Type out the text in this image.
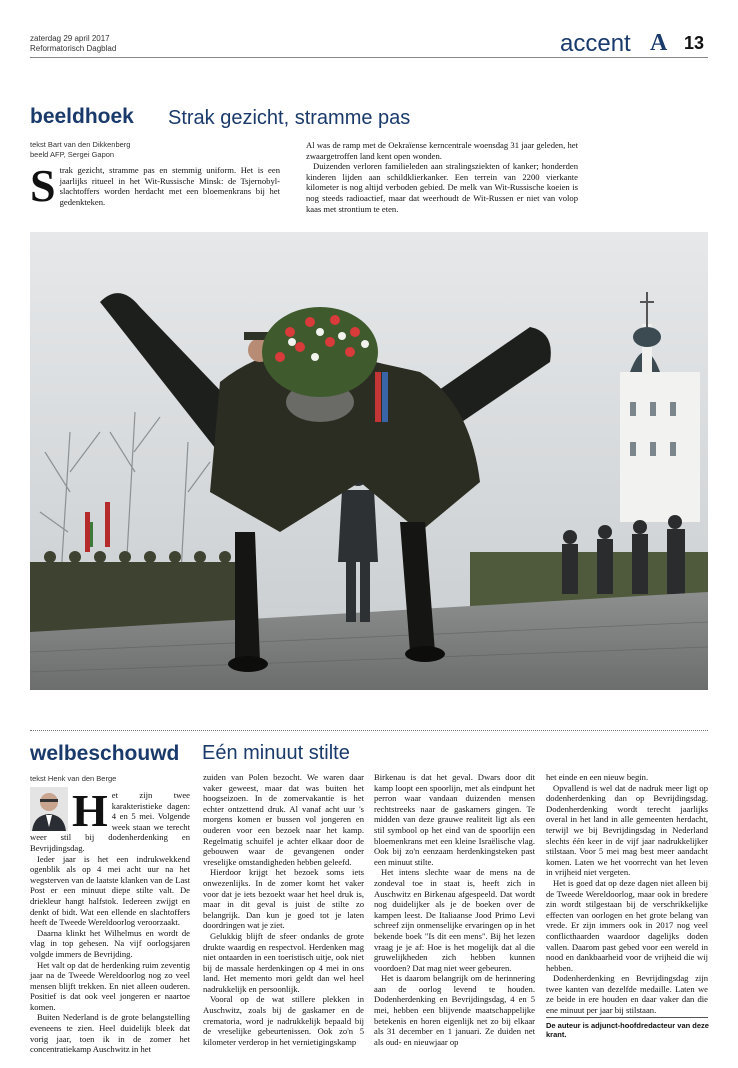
zaterdag 29 april 2017
Reformatorisch Dagblad	accent A 13
beeldhoek Strak gezicht, stramme pas
tekst Bart van den Dikkenberg
beeld AFP, Sergei Gapon
S trak gezicht, stramme pas en stemmig uniform. Het is een jaarlijks ritueel in het Wit-Russische Minsk: de Tsjernobyl-slachtoffers worden herdacht met een bloemenkrans bij het gedenkteken.

Al was de ramp met de Oekraïense kerncentrale woensdag 31 jaar geleden, het zwaargetroffen land kent open wonden.

Duizenden verloren familieleden aan stralingsziekten of kanker; honderden kinderen lijden aan schildklierkanker. Een terrein van 2200 vierkante kilometer is nog altijd verboden gebied. De melk van Wit-Russische koeien is nog steeds radioactief, maar dat weerhoudt de Wit-Russen er niet van volop kaas met strontium te eten.

welbeschouwd Eén minuut stilte
tekst Henk van den Berge
H et zijn twee karakteristieke dagen: 4 en 5 mei. Volgende week staan we terecht weer stil bij dodenherdenking en Bevrijdingsdag.

Ieder jaar is het een indrukwekkend ogenblik als op 4 mei acht uur na het wegsterven van de laatste klanken van de Last Post er een minuut diepe stilte valt. De driekleur hangt halfstok. Iedereen zwijgt en denkt of bidt. Wat een ellende en slachtoffers heeft de Tweede Wereldoorlog veroorzaakt.

Daarna klinkt het Wilhelmus en wordt de vlag in top gehesen. Na vijf oorlogsjaren volgde immers de Bevrijding.

Het valt op dat de herdenking ruim zeventig jaar na de Tweede Wereldoorlog nog zo veel mensen blijft trekken. En niet alleen ouderen. Positief is dat ook veel jongeren er naartoe komen.

Buiten Nederland is de grote belangstelling eveneens te zien. Heel duidelijk bleek dat vorig jaar, toen ik in de zomer het concentratiekamp Auschwitz in het

zuiden van Polen bezocht. We waren daar vaker geweest, maar dat was buiten het hoogseizoen. In de zomervakantie is het echter ontzettend druk. Al vanaf acht uur 's morgens komen er bussen vol jongeren en ouderen voor een bezoek naar het kamp. Regelmatig schuifel je achter elkaar door de gebouwen waar de gevangenen onder vreselijke omstandigheden hebben geleefd.

Hierdoor krijgt het bezoek soms iets onwezenlijks. In de zomer komt het vaker voor dat je iets bezoekt waar het heel druk is, maar in dit geval is juist de stilte zo belangrijk. Dan kun je goed tot je laten doordringen wat je ziet.

Gelukkig blijft de sfeer ondanks de grote drukte waardig en respectvol. Herdenken mag niet ontaarden in een toeristisch uitje, ook niet bij de massale herdenkingen op 4 mei in ons land. Het memento mori geldt dan wel heel nadrukkelijk en persoonlijk.

Vooral op de wat stillere plekken in Auschwitz, zoals bij de gaskamer en de crematoria, word je nadrukkelijk bepaald bij de vreselijke gebeurtenissen. Ook zo'n 5 kilometer verderop in het vernietigingskamp

Birkenau is dat het geval. Dwars door dit kamp loopt een spoorlijn, met als eindpunt het perron waar vandaan duizenden mensen rechtstreeks naar de gaskamers gingen. Te midden van deze grauwe realiteit ligt als een stil symbool op het eind van de spoorlijn een bloemenkrans met een kleine Israëlische vlag. Ook bij zo'n eenzaam herdenkingsteken past een minuut stilte.

Het intens slechte waar de mens na de zondeval toe in staat is, heeft zich in Auschwitz en Birkenau afgespeeld. Dat wordt nog duidelijker als je de boeken over de kampen leest. De Italiaanse Jood Primo Levi schreef zijn onmenselijke ervaringen op in het bekende boek "Is dit een mens". Bij het lezen vraag je je af: Hoe is het mogelijk dat al die gruwelijkheden zich hebben kunnen voordoen? Dat mag niet weer gebeuren.

Het is daarom belangrijk om de herinnering aan de oorlog levend te houden. Dodenherdenking en Bevrijdingsdag, 4 en 5 mei, hebben een blijvende maatschappelijke betekenis en horen eigenlijk net zo bij elkaar als 31 december en 1 januari. Ze duiden net als oud- en nieuwjaar op

het einde en een nieuw begin.

Opvallend is wel dat de nadruk meer ligt op dodenherdenking dan op Bevrijdingsdag. Dodenherdenking wordt terecht jaarlijks overal in het land in alle gemeenten herdacht, terwijl we bij Bevrijdingsdag in Nederland slechts één keer in de vijf jaar nadrukkelijker stilstaan. Voor 5 mei mag best meer aandacht komen. Laten we het voorrecht van het leven in vrijheid niet vergeten.

Het is goed dat op deze dagen niet alleen bij de Tweede Wereldoorlog, maar ook in bredere zin wordt stilgestaan bij de verschrikkelijke effecten van oorlogen en het grote belang van vrede. Er zijn immers ook in 2017 nog veel conflicthaarden waardoor dagelijks doden vallen. Daarom past gebed voor een wereld in nood en dankbaarheid voor de vrijheid die wij hebben.

Dodenherdenking en Bevrijdingsdag zijn twee kanten van dezelfde medaille. Laten we ze beide in ere houden en daar vaker dan die ene minuut per jaar bij stilstaan.

De auteur is adjunct-hoofdredacteur van deze krant.
